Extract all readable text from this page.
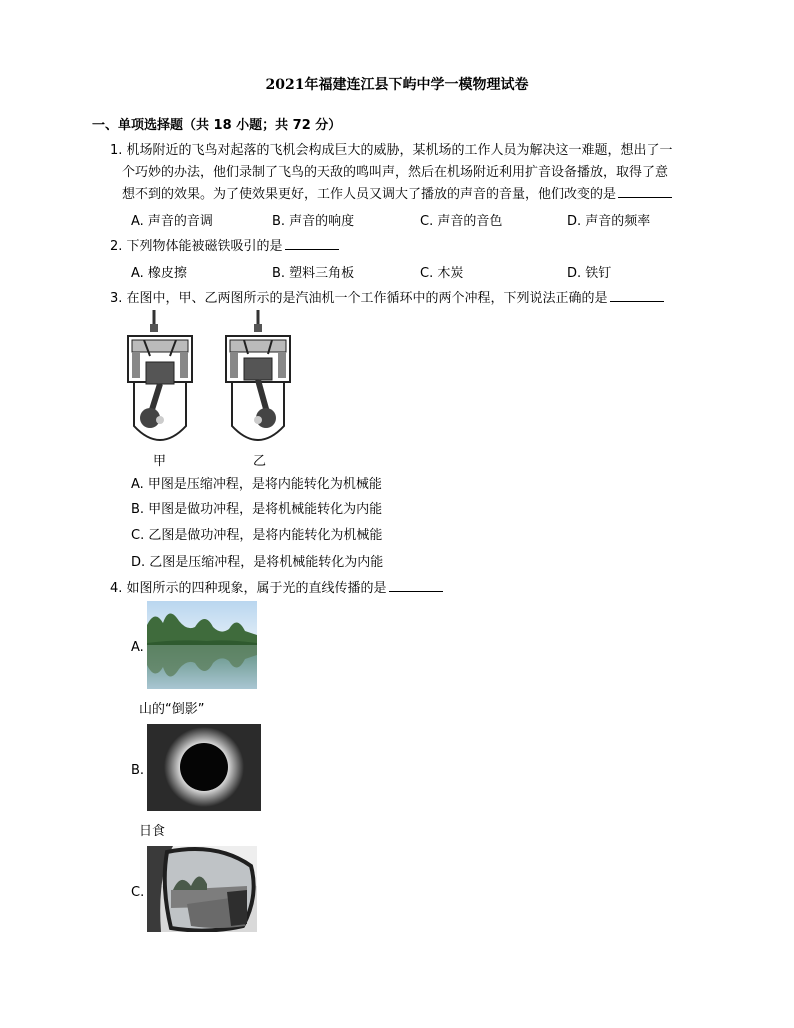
2021年福建连江县下屿中学一模物理试卷
一、单项选择题（共 18 小题；共 72 分）
1. 机场附近的飞鸟对起落的飞机会构成巨大的威胁，某机场的工作人员为解决这一难题，想出了一
个巧妙的办法，他们录制了飞鸟的天敌的鸣叫声，然后在机场附近利用扩音设备播放，取得了意
想不到的效果。为了使效果更好，工作人员又调大了播放的声音的音量，他们改变的是
A. 声音的音调	B. 声音的响度	C. 声音的音色	D. 声音的频率
2. 下列物体能被磁铁吸引的是
A. 橡皮擦	B. 塑料三角板	C. 木炭	D. 铁钉
3. 在图中，甲、乙两图所示的是汽油机一个工作循环中的两个冲程，下列说法正确的是
甲	乙
A. 甲图是压缩冲程，是将内能转化为机械能
B. 甲图是做功冲程，是将机械能转化为内能
C. 乙图是做功冲程，是将内能转化为机械能
D. 乙图是压缩冲程，是将机械能转化为内能
4. 如图所示的四种现象，属于光的直线传播的是
A.
山的“倒影”
B.
日食
C.
